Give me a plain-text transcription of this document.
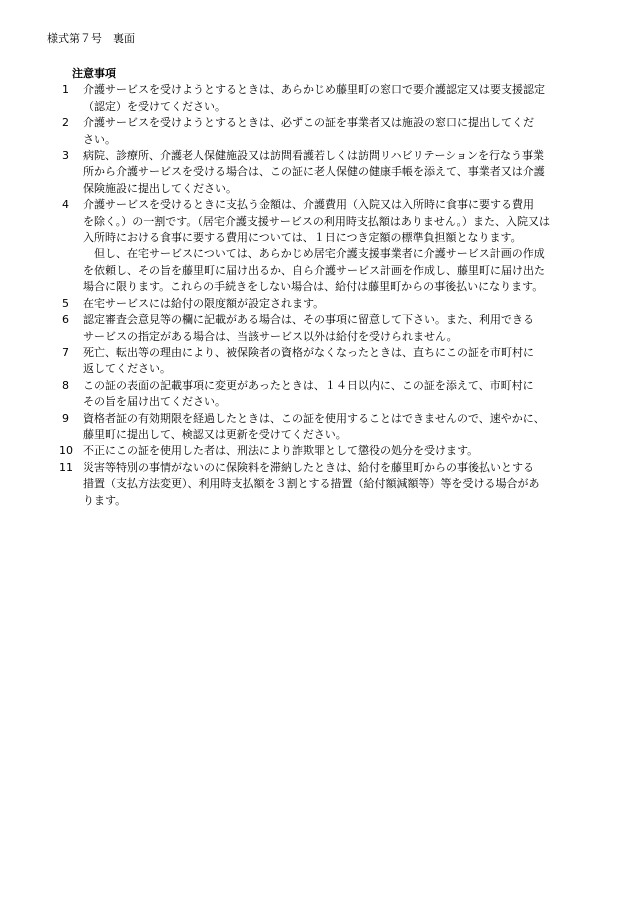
様式第７号　裏面
注意事項
1	介護サービスを受けようとするときは、あらかじめ藤里町の窓口で要介護認定又は要支援認定
（認定）を受けてください。
2	介護サービスを受けようとするときは、必ずこの証を事業者又は施設の窓口に提出してくだ
さい。
3	病院、診療所、介護老人保健施設又は訪問看護若しくは訪問リハビリテーションを行なう事業
所から介護サービスを受ける場合は、この証に老人保健の健康手帳を添えて、事業者又は介護
保険施設に提出してください。
4	介護サービスを受けるときに支払う金額は、介護費用（入院又は入所時に食事に要する費用
を除く。）の一割です。（居宅介護支援サービスの利用時支払額はありません。）また、入院又は
入所時における食事に要する費用については、１日につき定額の標準負担額となります。
但し、在宅サービスについては、あらかじめ居宅介護支援事業者に介護サービス計画の作成
を依頼し、その旨を藤里町に届け出るか、自ら介護サービス計画を作成し、藤里町に届け出た
場合に限ります。これらの手続きをしない場合は、給付は藤里町からの事後払いになります。
5	在宅サービスには給付の限度額が設定されます。
6	認定審査会意見等の欄に記載がある場合は、その事項に留意して下さい。また、利用できる
サービスの指定がある場合は、当該サービス以外は給付を受けられません。
7	死亡、転出等の理由により、被保険者の資格がなくなったときは、直ちにこの証を市町村に
返してください。
8	この証の表面の記載事項に変更があったときは、１４日以内に、この証を添えて、市町村に
その旨を届け出てください。
9	資格者証の有効期限を経過したときは、この証を使用することはできませんので、速やかに、
藤里町に提出して、検認又は更新を受けてください。
10 不正にこの証を使用した者は、刑法により詐欺罪として懲役の処分を受けます。
11 災害等特別の事情がないのに保険料を滞納したときは、給付を藤里町からの事後払いとする
措置（支払方法変更）、利用時支払額を３割とする措置（給付額減額等）等を受ける場合があ
ります。
